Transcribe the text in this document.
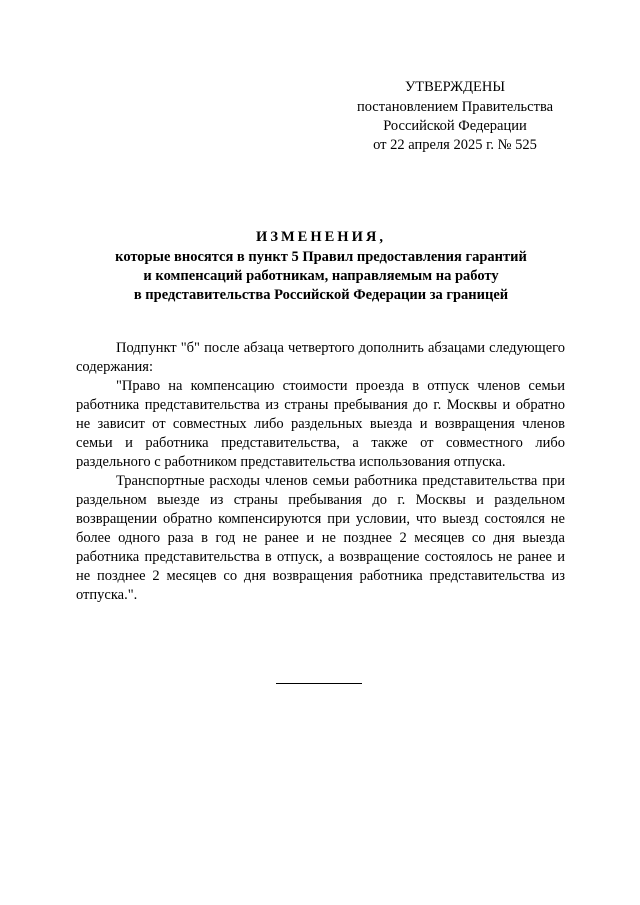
УТВЕРЖДЕНЫ
постановлением Правительства
Российской Федерации
от 22 апреля 2025 г. № 525
ИЗМЕНЕНИЯ,
которые вносятся в пункт 5 Правил предоставления гарантий
и компенсаций работникам, направляемым на работу
в представительства Российской Федерации за границей

Подпункт "б" после абзаца четвертого дополнить абзацами следующего содержания:

"Право на компенсацию стоимости проезда в отпуск членов семьи работника представительства из страны пребывания до г. Москвы и обратно не зависит от совместных либо раздельных выезда и возвращения членов семьи и работника представительства, а также от совместного либо раздельного с работником представительства использования отпуска.

Транспортные расходы членов семьи работника представительства при раздельном выезде из страны пребывания до г. Москвы и раздельном возвращении обратно компенсируются при условии, что выезд состоялся не более одного раза в год не ранее и не позднее 2 месяцев со дня выезда работника представительства в отпуск, а возвращение состоялось не ранее и не позднее 2 месяцев со дня возвращения работника представительства из отпуска.".
